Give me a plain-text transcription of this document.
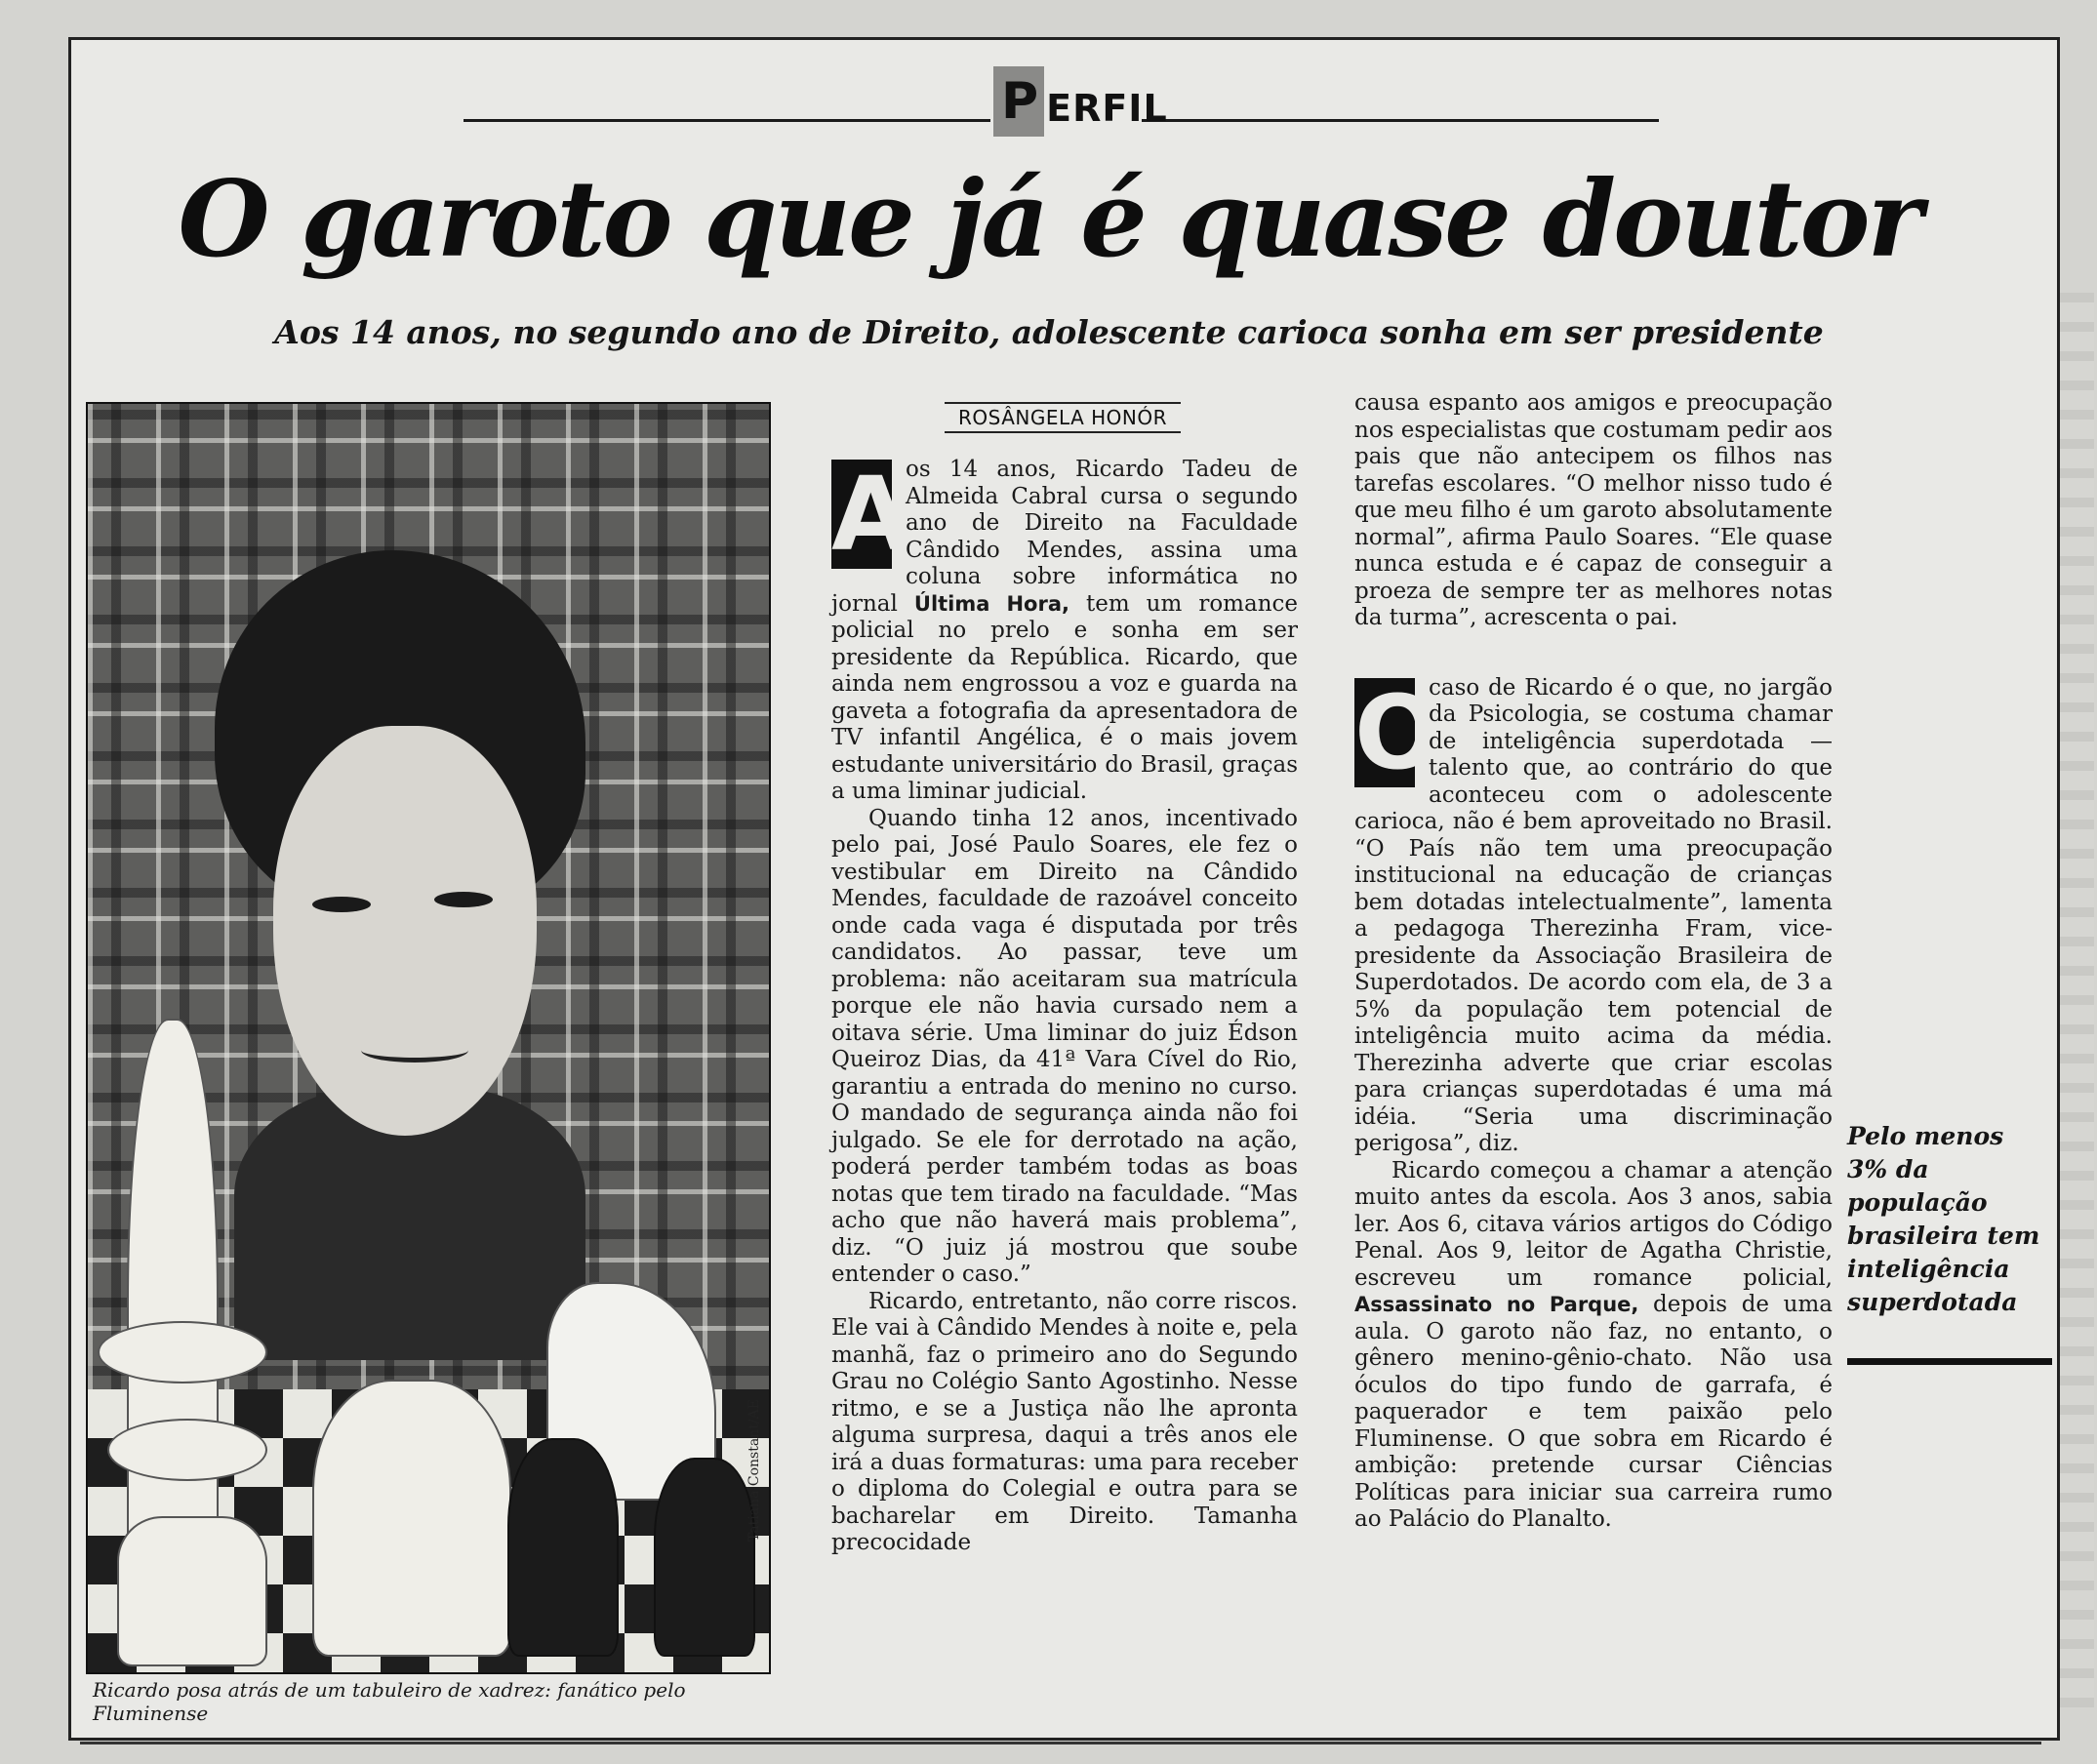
P ERFIL
O garoto que já é quase doutor
Aos 14 anos, no segundo ano de Direito, adolescente carioca sonha em ser presidente
Tatiana Constant/AE

Ricardo posa atrás de um tabuleiro de xadrez: fanático pelo Fluminense

ROSÂNGELA HONÓR

A
os 14 anos, Ricardo Tadeu de Almeida Cabral cursa o segundo ano de Direito na Faculdade Cândido Mendes, assina uma coluna sobre informática no jornal Última Hora, tem um romance policial no prelo e sonha em ser presidente da República. Ricardo, que ainda nem engrossou a voz e guarda na gaveta a fotografia da apresentadora de TV infantil Angélica, é o mais jovem estudante universitário do Brasil, graças a uma liminar judicial.

Quando tinha 12 anos, incentivado pelo pai, José Paulo Soares, ele fez o vestibular em Direito na Cândido Mendes, faculdade de razoável conceito onde cada vaga é disputada por três candidatos. Ao passar, teve um problema: não aceitaram sua matrícula porque ele não havia cursado nem a oitava série. Uma liminar do juiz Édson Queiroz Dias, da 41ª Vara Cível do Rio, garantiu a entrada do menino no curso. O mandado de segurança ainda não foi julgado. Se ele for derrotado na ação, poderá perder também todas as boas notas que tem tirado na faculdade. “Mas acho que não haverá mais problema”, diz. “O juiz já mostrou que soube entender o caso.”

Ricardo, entretanto, não corre riscos. Ele vai à Cândido Mendes à noite e, pela manhã, faz o primeiro ano do Segundo Grau no Colégio Santo Agostinho. Nesse ritmo, e se a Justiça não lhe apronta alguma surpresa, daqui a três anos ele irá a duas formaturas: uma para receber o diploma do Colegial e outra para se bacharelar em Direito. Tamanha precocidade

causa espanto aos amigos e preocupação nos especialistas que costumam pedir aos pais que não antecipem os filhos nas tarefas escolares. “O melhor nisso tudo é que meu filho é um garoto absolutamente normal”, afirma Paulo Soares. “Ele quase nunca estuda e é capaz de conseguir a proeza de sempre ter as melhores notas da turma”, acrescenta o pai.

O
caso de Ricardo é o que, no jargão da Psicologia, se costuma chamar de inteligência superdotada — talento que, ao contrário do que aconteceu com o adolescente carioca, não é bem aproveitado no Brasil. “O País não tem uma preocupação institucional na educação de crianças bem dotadas intelectualmente”, lamenta a pedagoga Therezinha Fram, vice-presidente da Associação Brasileira de Superdotados. De acordo com ela, de 3 a 5% da população tem potencial de inteligência muito acima da média. Therezinha adverte que criar escolas para crianças superdotadas é uma má idéia. “Seria uma discriminação perigosa”, diz.

Ricardo começou a chamar a atenção muito antes da escola. Aos 3 anos, sabia ler. Aos 6, citava vários artigos do Código Penal. Aos 9, leitor de Agatha Christie, escreveu um romance policial, Assassinato no Parque, depois de uma aula. O garoto não faz, no entanto, o gênero menino-gênio-chato. Não usa óculos do tipo fundo de garrafa, é paquerador e tem paixão pelo Fluminense. O que sobra em Ricardo é ambição: pretende cursar Ciências Políticas para iniciar sua carreira rumo ao Palácio do Planalto.

Pelo menos 3% da população brasileira tem inteligência superdotada
